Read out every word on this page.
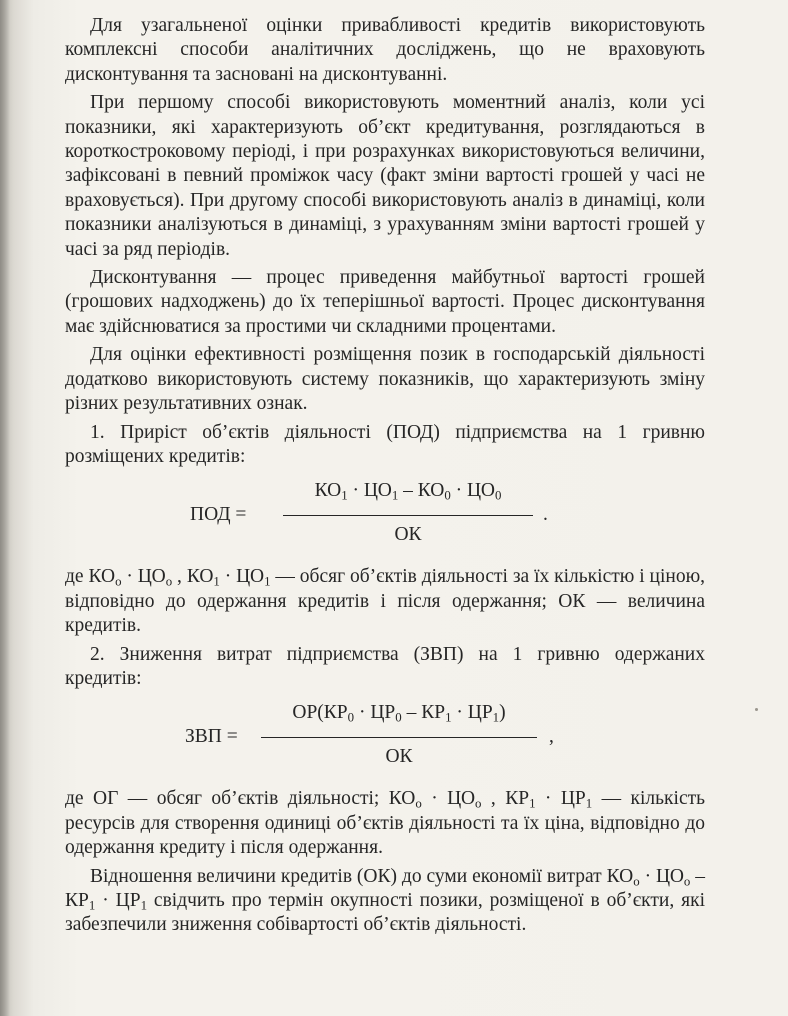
Для узагальненої оцінки привабливості кредитів використовують комплексні способи аналітичних досліджень, що не враховують дисконтування та засновані на дисконтуванні.

При першому способі використовують моментний аналіз, коли усі показники, які характеризують об’єкт кредитування, розглядаються в короткостроковому періоді, і при розрахунках використовуються величини, зафіксовані в певний проміжок часу (факт зміни вартості грошей у часі не враховується). При другому способі використовують аналіз в динаміці, коли показники аналізуються в динаміці, з урахуванням зміни вартості грошей у часі за ряд періодів.

Дисконтування — процес приведення майбутньої вартості грошей (грошових надходжень) до їх теперішньої вартості. Процес дисконтування має здійснюватися за простими чи складними процентами.

Для оцінки ефективності розміщення позик в господарській діяльності додатково використовують систему показників, що характеризують зміну різних результативних ознак.

1. Приріст об’єктів діяльності (ПОД) підприємства на 1 гривню розміщених кредитів:

ПОД =
$КО_1 \cdot ЦО_1 - КО_0 \cdot ЦО_0$
ОК
.

де $КО_о \cdot ЦО_о$ , $КО_1 \cdot ЦО_1$ — обсяг об’єктів діяльності за їх кількістю і ціною, відповідно до одержання кредитів і після одержання; ОК — величина кредитів.

2. Зниження витрат підприємства (ЗВП) на 1 гривню одержаних кредитів:

ЗВП =
$ОР(КР_0 \cdot ЦР_0 - КР_1 \cdot ЦР_1)$
ОК
,

де ОГ — обсяг об’єктів діяльності; $КО_о \cdot ЦО_о$ , $КР_1 \cdot ЦР_1$ — кількість ресурсів для створення одиниці об’єктів діяльності та їх ціна, відповідно до одержання кредиту і після одержання.

Відношення величини кредитів (ОК) до суми економії витрат $КО_о \cdot ЦО_о - КР_1 \cdot ЦР_1$ свідчить про термін окупності позики, розміщеної в об’єкти, які забезпечили зниження собівартості об’єктів діяльності.
